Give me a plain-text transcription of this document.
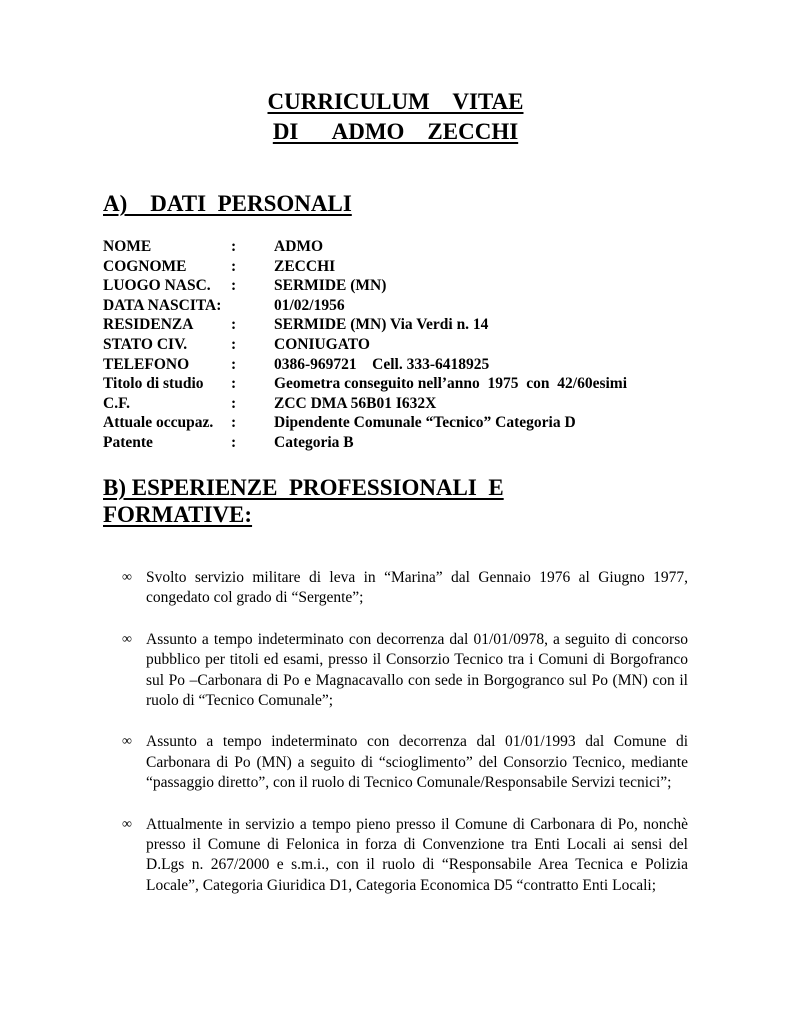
CURRICULUM    VITAE
DI      ADMO    ZECCHI
A)    DATI  PERSONALI
NOME	: ADMO
COGNOME	: ZECCHI
LUOGO NASC. : SERMIDE (MN)
DATA NASCITA:	01/02/1956
RESIDENZA : SERMIDE (MN) Via Verdi n. 14
STATO CIV.	: CONIUGATO
TELEFONO	: 0386-969721    Cell. 333-6418925
Titolo di studio : Geometra conseguito nell’anno  1975  con  42/60esimi
C.F.	: ZCC DMA 56B01 I632X
Attuale occupaz. : Dipendente Comunale “Tecnico” Categoria D
Patente	: Categoria B
B) ESPERIENZE  PROFESSIONALI  E
FORMATIVE:
∞ Svolto servizio militare di leva in “Marina” dal Gennaio 1976 al Giugno 1977, congedato col grado di “Sergente”;
∞ Assunto a tempo indeterminato con decorrenza dal 01/01/0978, a seguito di concorso pubblico per titoli ed esami, presso il Consorzio Tecnico tra i Comuni di Borgofranco sul Po –Carbonara di Po e Magnacavallo con sede in Borgogranco sul Po (MN) con il ruolo di “Tecnico Comunale”;
∞ Assunto a tempo indeterminato con decorrenza dal 01/01/1993 dal Comune di Carbonara di Po (MN) a seguito di “scioglimento” del Consorzio Tecnico, mediante “passaggio diretto”, con il ruolo di Tecnico Comunale/Responsabile Servizi tecnici”;
∞ Attualmente in servizio a tempo pieno presso il Comune di Carbonara di Po, nonchè presso il Comune di Felonica in forza di Convenzione tra Enti Locali ai sensi del D.Lgs n. 267/2000 e s.m.i., con il ruolo di “Responsabile Area Tecnica e Polizia Locale”, Categoria Giuridica D1, Categoria Economica D5 “contratto Enti Locali;
